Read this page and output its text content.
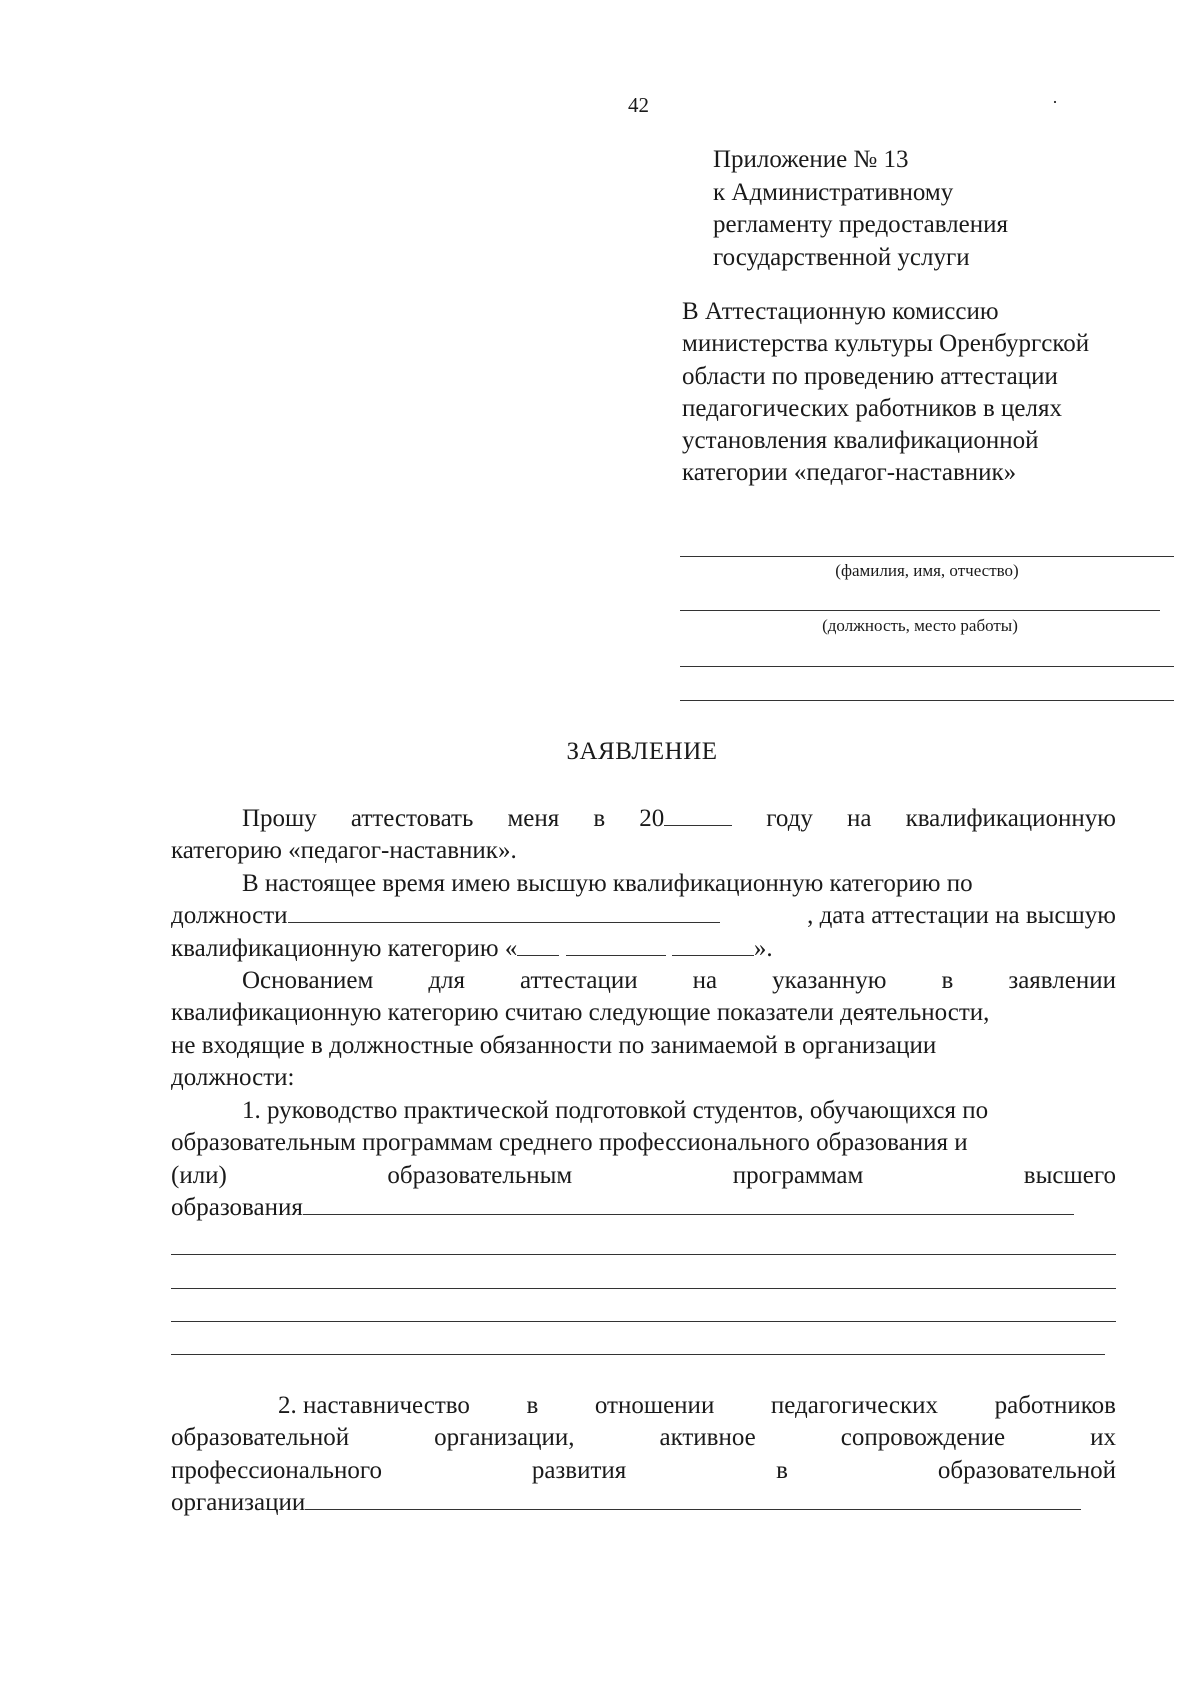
42	·
Приложение № 13
к Административному
регламенту предоставления
государственной услуги
В Аттестационную комиссию
министерства культуры Оренбургской
области по проведению аттестации
педагогических работников в целях
установления квалификационной
категории «педагог-наставник»
(фамилия, имя, отчество)
(должность, место работы)
ЗАЯВЛЕНИЕ
Прошу аттестовать меня в 20	году на квалификационную
категорию «педагог-наставник».
В настоящее время имею высшую квалификационную категорию по
должности	, дата аттестации на высшую
квалификационную категорию «	».
Основанием для аттестации на указанную в заявлении
квалификационную категорию считаю следующие показатели деятельности,
не входящие в должностные обязанности по занимаемой в организации
должности:
1. руководство практической подготовкой студентов, обучающихся по
образовательным программам среднего профессионального образования и
(или)	образовательным	программам	высшего
образования
2. наставничество в отношении педагогических работников
образовательной	организации,	активное	сопровождение	их
профессионального	развития	в	образовательной
организации
